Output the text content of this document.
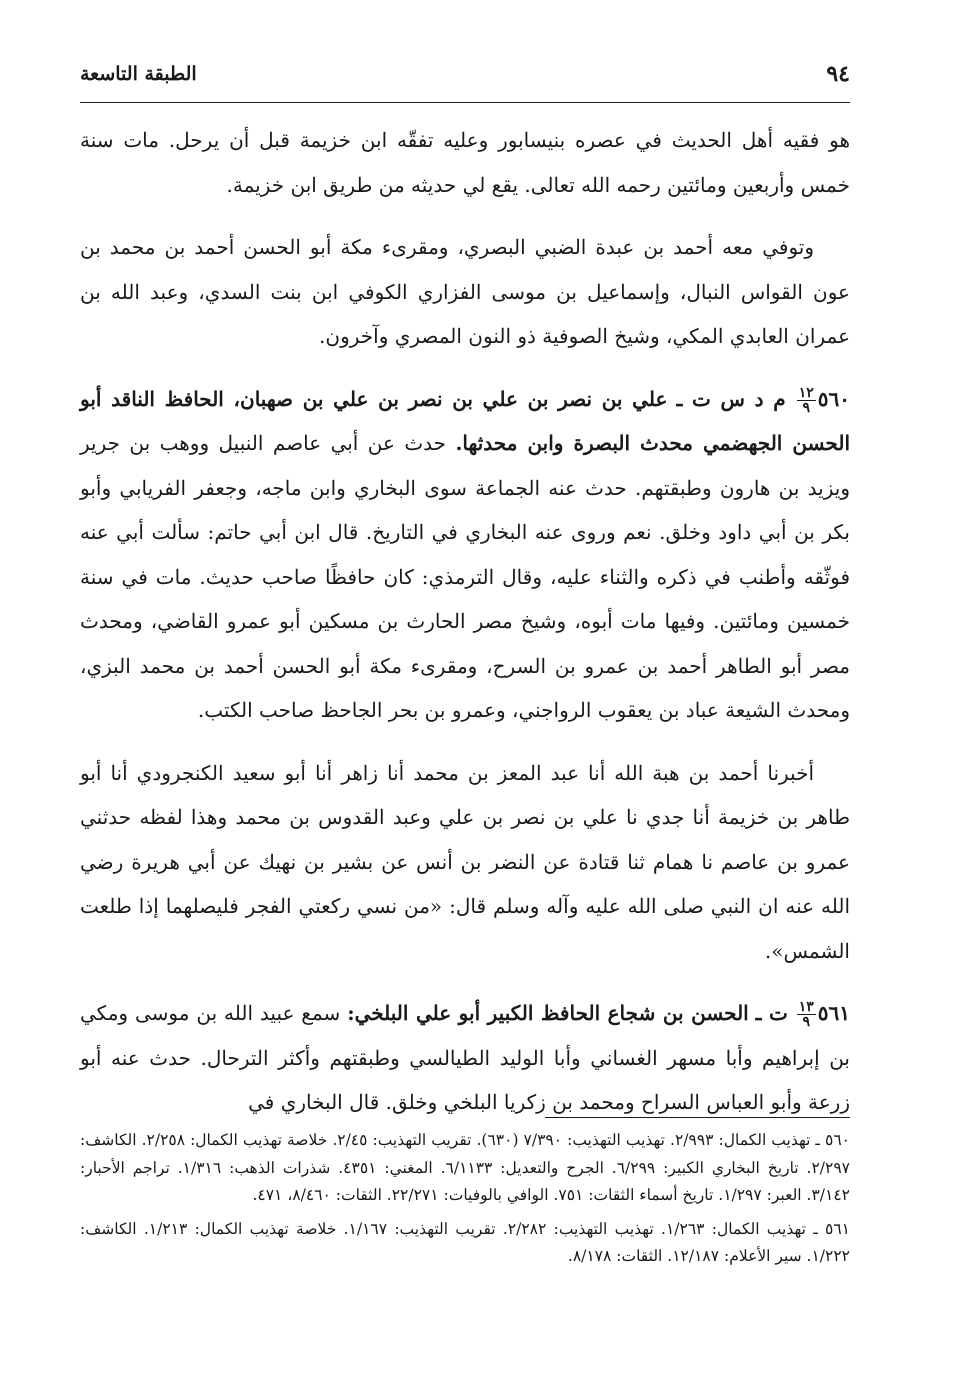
٩٤
الطبقة التاسعة

هو فقيه أهل الحديث في عصره بنيسابور وعليه تفقّه ابن خزيمة قبل أن يرحل. مات سنة خمس وأربعين ومائتين رحمه الله تعالى. يقع لي حديثه من طريق ابن خزيمة.

وتوفي معه أحمد بن عبدة الضبي البصري، ومقرىء مكة أبو الحسن أحمد بن محمد بن عون القواس النبال، وإسماعيل بن موسى الفزاري الكوفي ابن بنت السدي، وعبد الله بن عمران العابدي المكي، وشيخ الصوفية ذو النون المصري وآخرون.

٥٦٠
$\frac{١٢}{٩}$
م د س ت ـ علي بن نصر بن علي بن نصر بن علي بن صهبان، الحافظ الناقد أبو الحسن الجهضمي محدث البصرة وابن محدثها. حدث عن أبي عاصم النبيل ووهب بن جرير ويزيد بن هارون وطبقتهم. حدث عنه الجماعة سوى البخاري وابن ماجه، وجعفر الفريابي وأبو بكر بن أبي داود وخلق. نعم وروى عنه البخاري في التاريخ. قال ابن أبي حاتم: سألت أبي عنه فوثّقه وأطنب في ذكره والثناء عليه، وقال الترمذي: كان حافظًا صاحب حديث. مات في سنة خمسين ومائتين. وفيها مات أبوه، وشيخ مصر الحارث بن مسكين أبو عمرو القاضي، ومحدث مصر أبو الطاهر أحمد بن عمرو بن السرح، ومقرىء مكة أبو الحسن أحمد بن محمد البزي، ومحدث الشيعة عباد بن يعقوب الرواجني، وعمرو بن بحر الجاحظ صاحب الكتب.

أخبرنا أحمد بن هبة الله أنا عبد المعز بن محمد أنا زاهر أنا أبو سعيد الكنجرودي أنا أبو طاهر بن خزيمة أنا جدي نا علي بن نصر بن علي وعبد القدوس بن محمد وهذا لفظه حدثني عمرو بن عاصم نا همام ثنا قتادة عن النضر بن أنس عن بشير بن نهيك عن أبي هريرة رضي الله عنه ان النبي صلى الله عليه وآله وسلم قال: «من نسي ركعتي الفجر فليصلهما إذا طلعت الشمس».

٥٦١
$\frac{١٣}{٩}$
ت ـ الحسن بن شجاع الحافظ الكبير أبو علي البلخي: سمع عبيد الله بن موسى ومكي بن إبراهيم وأبا مسهر الغساني وأبا الوليد الطيالسي وطبقتهم وأكثر الترحال. حدث عنه أبو زرعة وأبو العباس السراح ومحمد بن زكريا البلخي وخلق. قال البخاري في

٥٦٠ ـ تهذيب الكمال: ٢/٩٩٣. تهذيب التهذيب: ٧/٣٩٠ (٦٣٠). تقريب التهذيب: ٢/٤٥. خلاصة تهذيب الكمال: ٢/٢٥٨. الكاشف: ٢/٢٩٧. تاريخ البخاري الكبير: ٦/٢٩٩. الجرح والتعديل: ٦/١١٣٣. المغني: ٤٣٥١. شذرات الذهب: ١/٣١٦. تراجم الأحبار: ٣/١٤٢. العبر: ١/٢٩٧. تاريخ أسماء الثقات: ٧٥١. الوافي بالوفيات: ٢٢/٢٧١. الثقات: ٨/٤٦٠، ٤٧١.

٥٦١ ـ تهذيب الكمال: ١/٢٦٣. تهذيب التهذيب: ٢/٢٨٢. تقريب التهذيب: ١/١٦٧. خلاصة تهذيب الكمال: ١/٢١٣. الكاشف: ١/٢٢٢. سير الأعلام: ١٢/١٨٧. الثقات: ٨/١٧٨.
